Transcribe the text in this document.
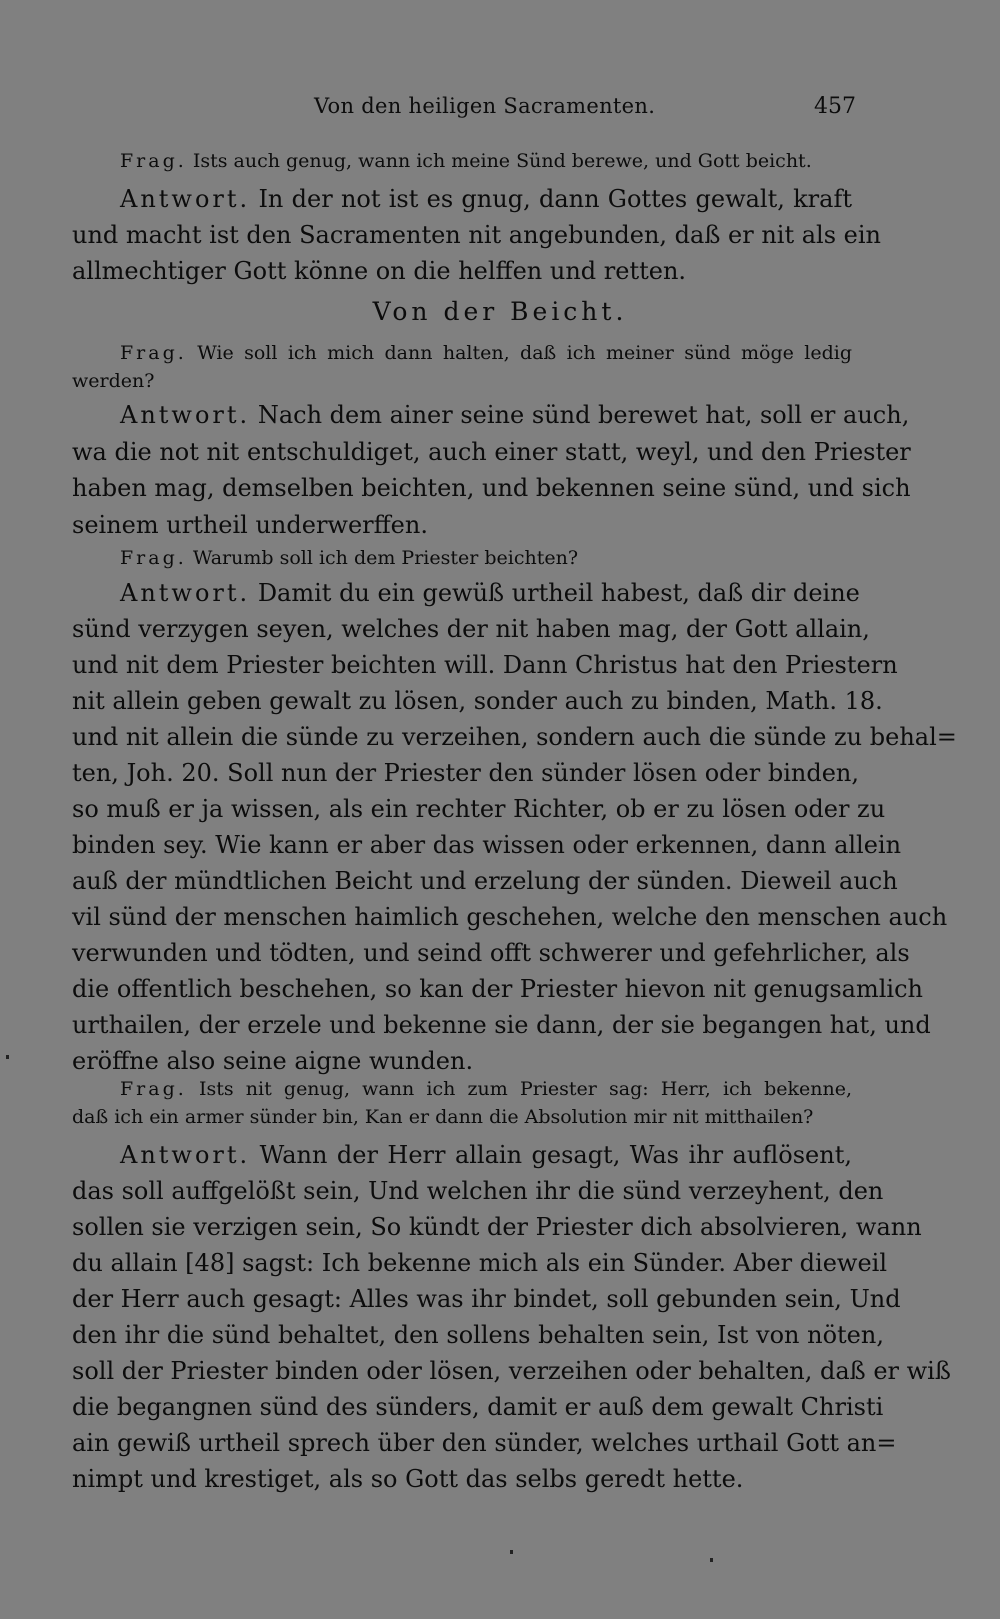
Von den heiligen Sacramenten.	457
Frag. Ists auch genug, wann ich meine Sünd berewe, und Gott beicht.
Antwort. In der not ist es gnug, dann Gottes gewalt, kraft
und macht ist den Sacramenten nit angebunden, daß er nit als ein
allmechtiger Gott könne on die helffen und retten.
Von der Beicht.
Frag. Wie soll ich mich dann halten, daß ich meiner sünd möge ledig
werden?
Antwort. Nach dem ainer seine sünd berewet hat, soll er auch,
wa die not nit entschuldiget, auch einer statt, weyl, und den Priester
haben mag, demselben beichten, und bekennen seine sünd, und sich
seinem urtheil underwerffen.
Frag. Warumb soll ich dem Priester beichten?
Antwort. Damit du ein gewüß urtheil habest, daß dir deine
sünd verzygen seyen, welches der nit haben mag, der Gott allain,
und nit dem Priester beichten will. Dann Christus hat den Priestern
nit allein geben gewalt zu lösen, sonder auch zu binden, Math. 18.
und nit allein die sünde zu verzeihen, sondern auch die sünde zu behal=
ten, Joh. 20. Soll nun der Priester den sünder lösen oder binden,
so muß er ja wissen, als ein rechter Richter, ob er zu lösen oder zu
binden sey. Wie kann er aber das wissen oder erkennen, dann allein
auß der mündtlichen Beicht und erzelung der sünden. Dieweil auch
vil sünd der menschen haimlich geschehen, welche den menschen auch
verwunden und tödten, und seind offt schwerer und gefehrlicher, als
die offentlich beschehen, so kan der Priester hievon nit genugsamlich
urthailen, der erzele und bekenne sie dann, der sie begangen hat, und
eröffne also seine aigne wunden.
Frag. Ists nit genug, wann ich zum Priester sag: Herr, ich bekenne,
daß ich ein armer sünder bin, Kan er dann die Absolution mir nit mitthailen?
Antwort. Wann der Herr allain gesagt, Was ihr auflösent,
das soll auffgelößt sein, Und welchen ihr die sünd verzeyhent, den
sollen sie verzigen sein, So kündt der Priester dich absolvieren, wann
du allain [48] sagst: Ich bekenne mich als ein Sünder. Aber dieweil
der Herr auch gesagt: Alles was ihr bindet, soll gebunden sein, Und
den ihr die sünd behaltet, den sollens behalten sein, Ist von nöten,
soll der Priester binden oder lösen, verzeihen oder behalten, daß er wiß
die begangnen sünd des sünders, damit er auß dem gewalt Christi
ain gewiß urtheil sprech über den sünder, welches urthail Gott an=
nimpt und krestiget, als so Gott das selbs geredt hette.
